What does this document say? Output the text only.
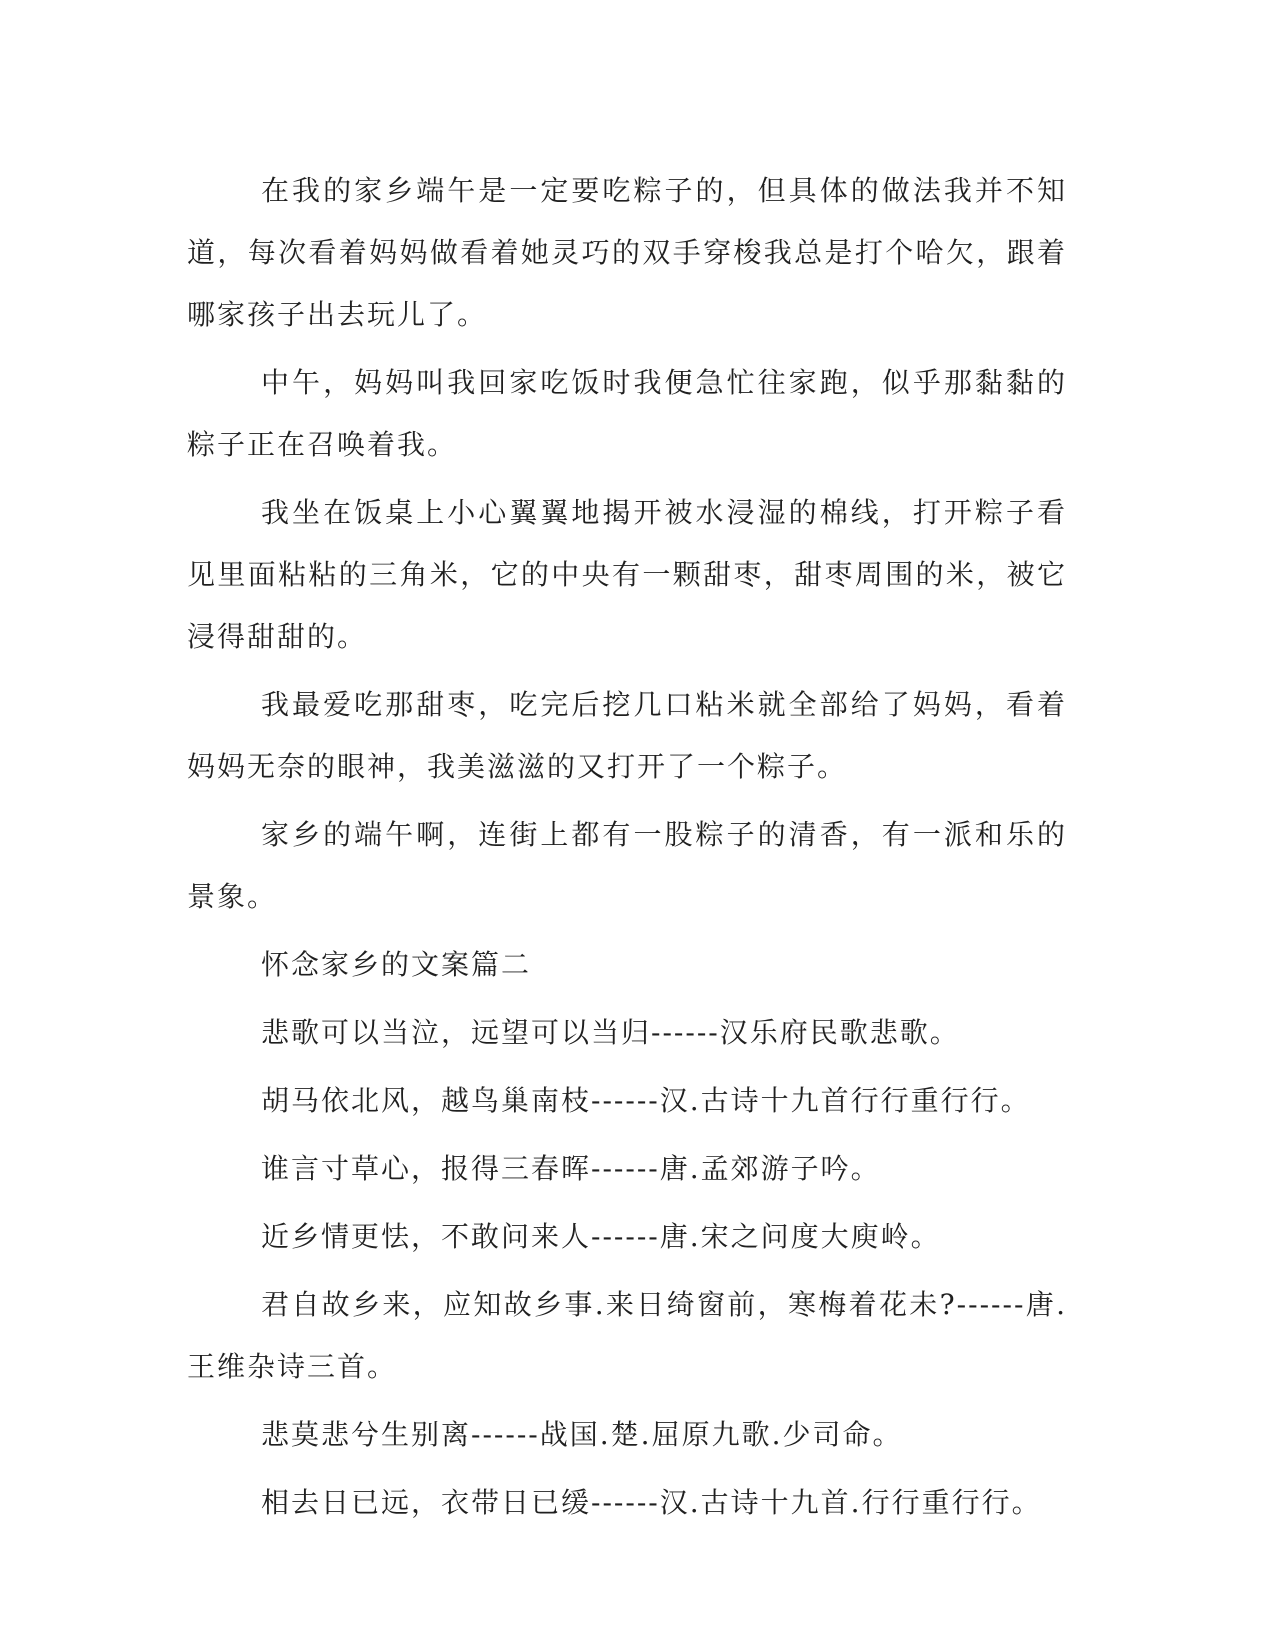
在我的家乡端午是一定要吃粽子的，但具体的做法我并不知道，每次看着妈妈做看着她灵巧的双手穿梭我总是打个哈欠，跟着哪家孩子出去玩儿了。

中午，妈妈叫我回家吃饭时我便急忙往家跑，似乎那黏黏的粽子正在召唤着我。

我坐在饭桌上小心翼翼地揭开被水浸湿的棉线，打开粽子看见里面粘粘的三角米，它的中央有一颗甜枣，甜枣周围的米，被它浸得甜甜的。

我最爱吃那甜枣，吃完后挖几口粘米就全部给了妈妈，看着妈妈无奈的眼神，我美滋滋的又打开了一个粽子。

家乡的端午啊，连街上都有一股粽子的清香，有一派和乐的景象。

怀念家乡的文案篇二

悲歌可以当泣，远望可以当归------汉乐府民歌悲歌。

胡马依北风，越鸟巢南枝------汉.古诗十九首行行重行行。

谁言寸草心，报得三春晖------唐.孟郊游子吟。

近乡情更怯，不敢问来人------唐.宋之问度大庾岭。

君自故乡来，应知故乡事.来日绮窗前，寒梅着花未?------唐.王维杂诗三首。

悲莫悲兮生别离------战国.楚.屈原九歌.少司命。

相去日已远，衣带日已缓------汉.古诗十九首.行行重行行。
